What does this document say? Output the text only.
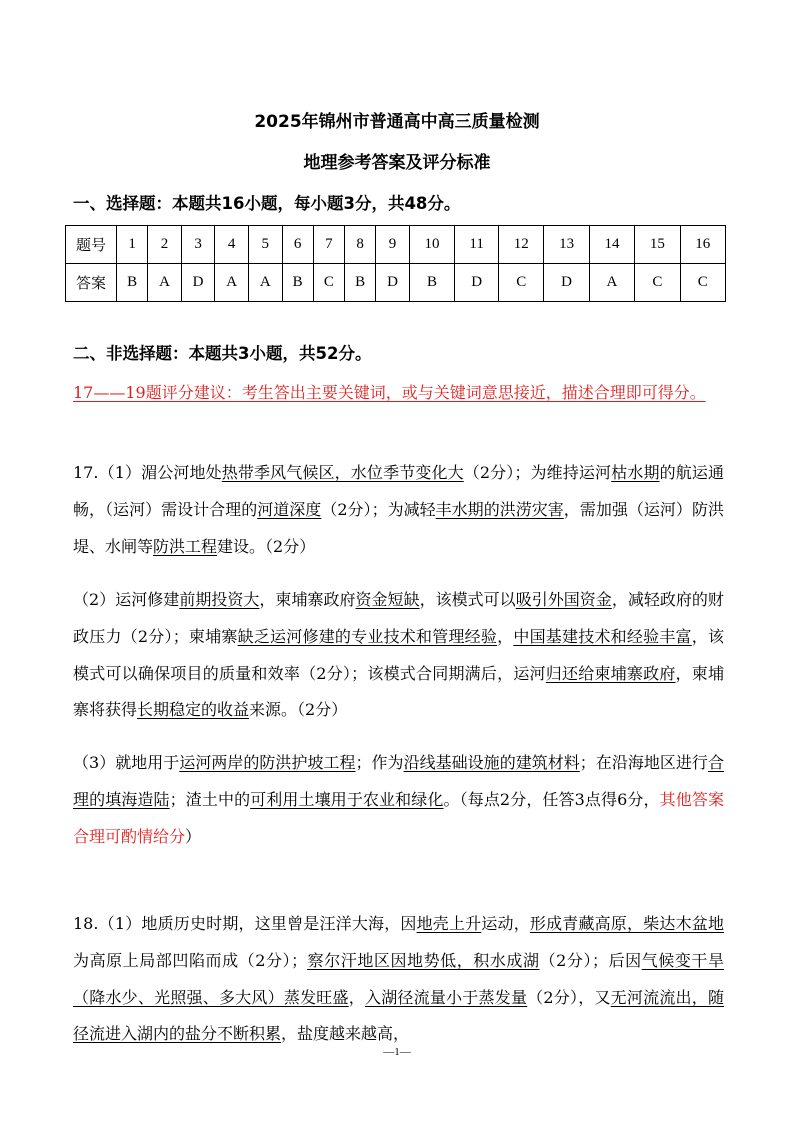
2025年锦州市普通高中高三质量检测
地理参考答案及评分标准
一、选择题：本题共16小题，每小题3分，共48分。
题号	1	2	3	4	5	6	7	8	9	10	11	12	13	14	15	16
答案	B	A	D	A	A	B	C	B	D	B	D	C	D	A	C	C
二、非选择题：本题共3小题，共52分。
17——19题评分建议：考生答出主要关键词，或与关键词意思接近，描述合理即可得分。
17.（1）湄公河地处热带季风气候区，水位季节变化大（2分）；为维持运河枯水期的航运通畅，（运河）需设计合理的河道深度（2分）；为减轻丰水期的洪涝灾害，需加强（运河）防洪堤、水闸等防洪工程建设。（2分）
（2）运河修建前期投资大，柬埔寨政府资金短缺，该模式可以吸引外国资金，减轻政府的财政压力（2分）；柬埔寨缺乏运河修建的专业技术和管理经验，中国基建技术和经验丰富，该模式可以确保项目的质量和效率（2分）；该模式合同期满后，运河归还给柬埔寨政府，柬埔寨将获得长期稳定的收益来源。（2分）
（3）就地用于运河两岸的防洪护坡工程；作为沿线基础设施的建筑材料；在沿海地区进行合理的填海造陆；渣土中的可利用土壤用于农业和绿化。（每点2分，任答3点得6分，其他答案合理可酌情给分）
18.（1）地质历史时期，这里曾是汪洋大海，因地壳上升运动，形成青藏高原，柴达木盆地为高原上局部凹陷而成（2分）；察尔汗地区因地势低，积水成湖（2分）；后因气候变干旱（降水少、光照强、多大风）蒸发旺盛，入湖径流量小于蒸发量（2分），又无河流流出，随径流进入湖内的盐分不断积累，盐度越来越高，
—1—
